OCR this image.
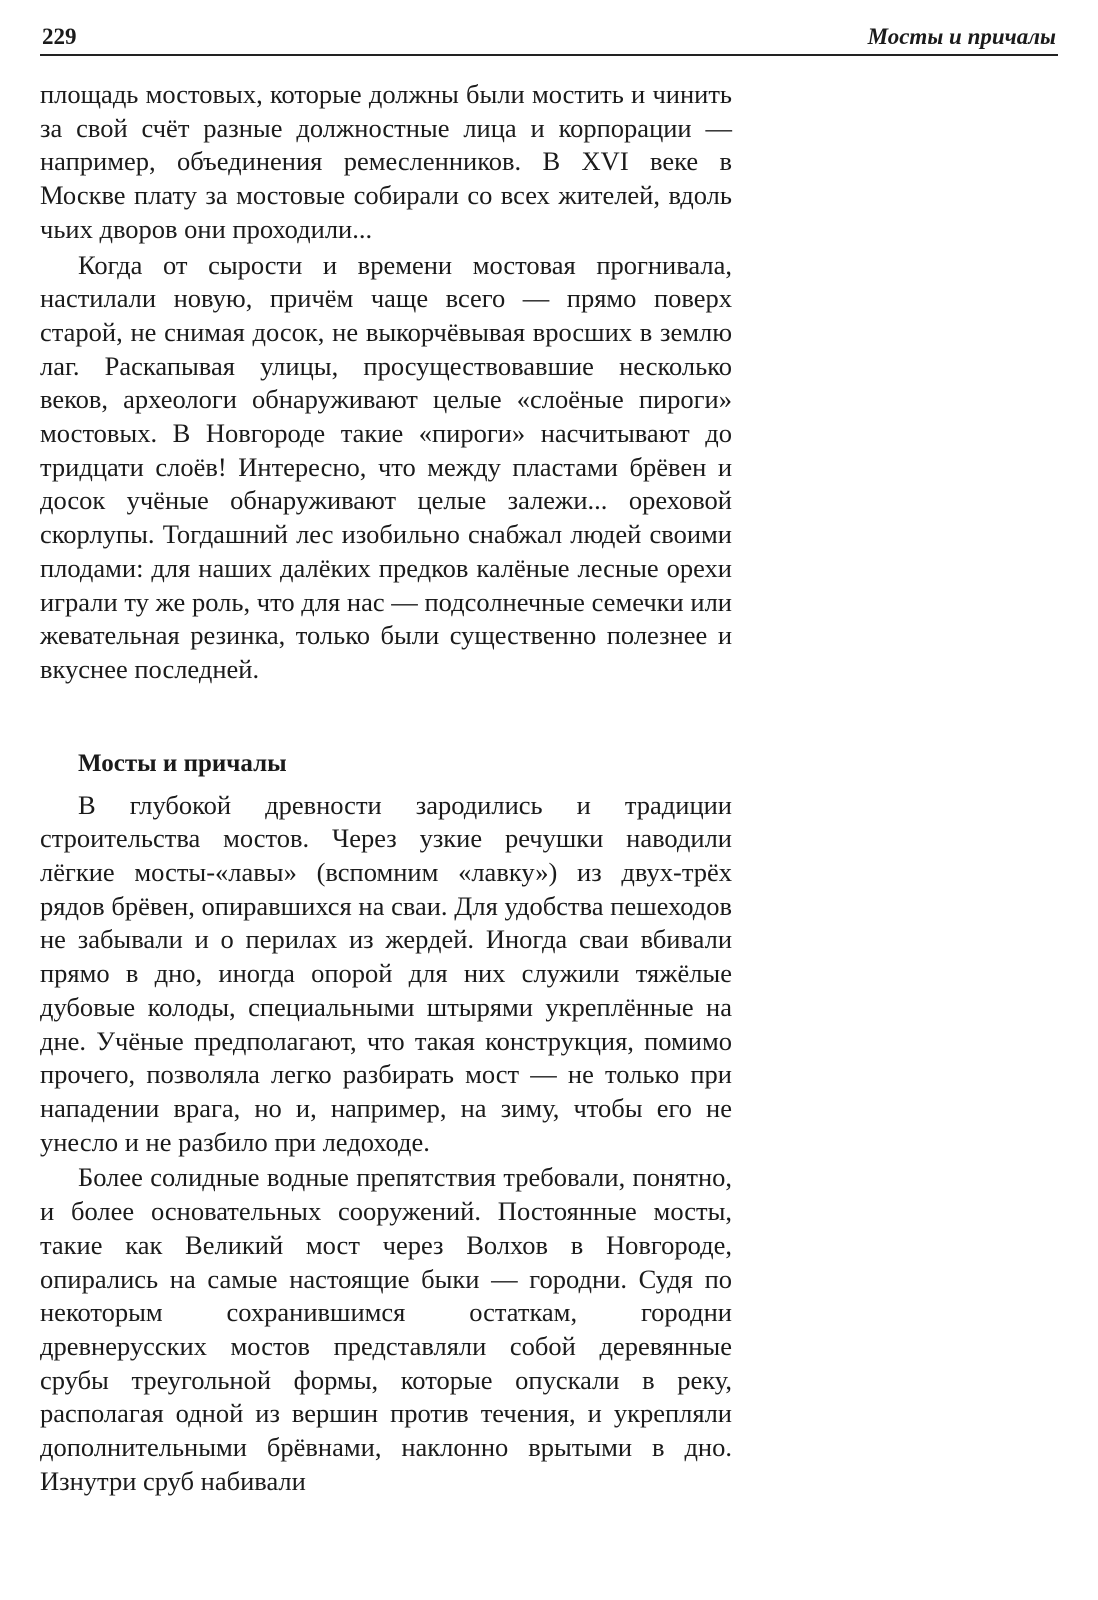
229	Мосты и причалы

площадь мостовых, которые должны были мостить и чинить за свой счёт разные должностные лица и корпорации — например, объединения ремесленников. В XVI веке в Москве плату за мостовые собирали со всех жителей, вдоль чьих дворов они проходили...

Когда от сырости и времени мостовая прогнивала, настилали новую, причём чаще всего — прямо поверх старой, не снимая досок, не выкорчёвывая вросших в землю лаг. Раскапывая улицы, просуществовавшие несколько веков, археологи обнаруживают целые «слоёные пироги» мостовых. В Новгороде такие «пироги» насчитывают до тридцати слоёв! Интересно, что между пластами брёвен и досок учёные обнаруживают целые залежи... ореховой скорлупы. Тогдашний лес изобильно снабжал людей своими плодами: для наших далёких предков калёные лесные орехи играли ту же роль, что для нас — подсолнечные семечки или жевательная резинка, только были существенно полезнее и вкуснее последней.

Мосты и причалы

В глубокой древности зародились и традиции строительства мостов. Через узкие речушки наводили лёгкие мосты-«лавы» (вспомним «лавку») из двух-трёх рядов брёвен, опиравшихся на сваи. Для удобства пешеходов не забывали и о перилах из жердей. Иногда сваи вбивали прямо в дно, иногда опорой для них служили тяжёлые дубовые колоды, специальными штырями укреплённые на дне. Учёные предполагают, что такая конструкция, помимо прочего, позволяла легко разбирать мост — не только при нападении врага, но и, например, на зиму, чтобы его не унесло и не разбило при ледоходе.

Более солидные водные препятствия требовали, понятно, и более основательных сооружений. Постоянные мосты, такие как Великий мост через Волхов в Новгороде, опирались на самые настоящие быки — городни. Судя по некоторым сохранившимся остаткам, городни древнерусских мостов представляли собой деревянные срубы треугольной формы, которые опускали в реку, располагая одной из вершин против течения, и укрепляли дополнительными брёвнами, наклонно врытыми в дно. Изнутри сруб набивали
